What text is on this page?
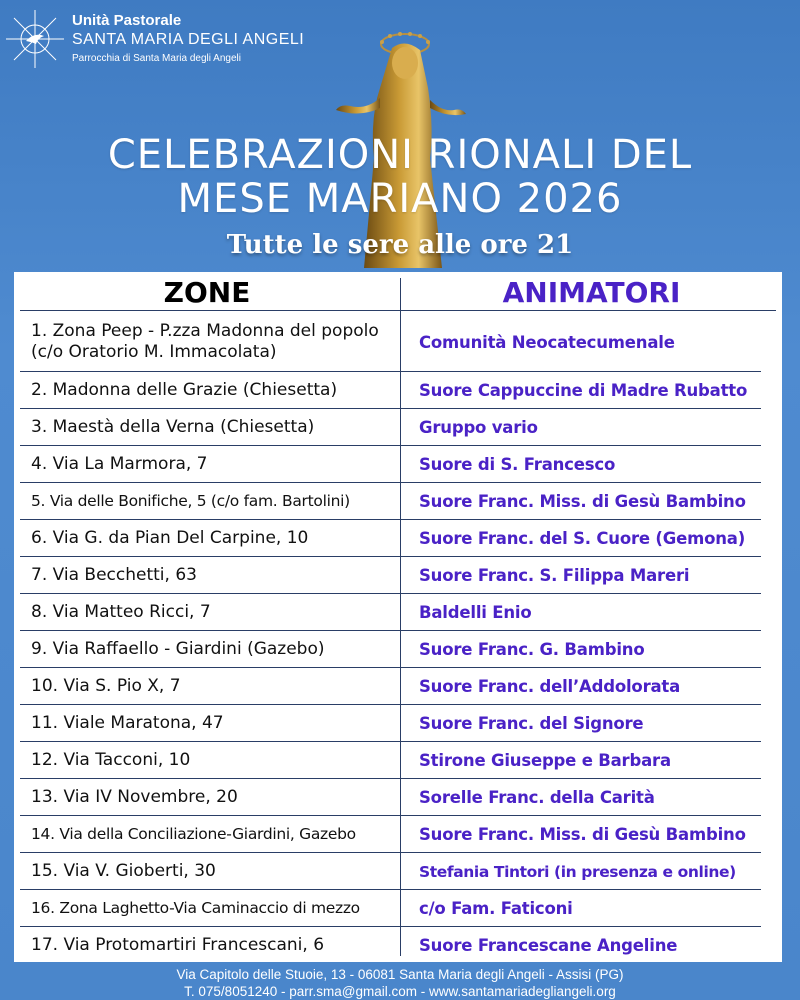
Unità Pastorale
SANTA MARIA DEGLI ANGELI
Parrocchia di Santa Maria degli Angeli
CELEBRAZIONI RIONALI DEL
MESE MARIANO 2026
Tutte le sere alle ore 21
ZONE	ANIMATORI
1. Zona Peep - P.zza Madonna del popolo (c/o Oratorio M. Immacolata)	Comunità Neocatecumenale
2. Madonna delle Grazie (Chiesetta)	Suore Cappuccine di Madre Rubatto
3. Maestà della Verna (Chiesetta)	Gruppo vario
4. Via La Marmora, 7	Suore di S. Francesco
5. Via delle Bonifiche, 5 (c/o fam. Bartolini)	Suore Franc. Miss. di Gesù Bambino
6. Via G. da Pian Del Carpine, 10	Suore Franc. del S. Cuore (Gemona)
7. Via Becchetti, 63	Suore Franc. S. Filippa Mareri
8. Via Matteo Ricci, 7	Baldelli Enio
9. Via Raffaello - Giardini (Gazebo)	Suore Franc. G. Bambino
10. Via S. Pio X, 7	Suore Franc. dell’Addolorata
11. Viale Maratona, 47	Suore Franc. del Signore
12. Via Tacconi, 10	Stirone Giuseppe e Barbara
13. Via IV Novembre, 20	Sorelle Franc. della Carità
14. Via della Conciliazione-Giardini, Gazebo	Suore Franc. Miss. di Gesù Bambino
15. Via V. Gioberti, 30	Stefania Tintori (in presenza e online)
16. Zona Laghetto-Via Caminaccio di mezzo	c/o Fam. Faticoni
17. Via Protomartiri Francescani, 6	Suore Francescane Angeline
Via Capitolo delle Stuoie, 13 - 06081 Santa Maria degli Angeli - Assisi (PG)
T. 075/8051240 - parr.sma@gmail.com - www.santamariadegliangeli.org
